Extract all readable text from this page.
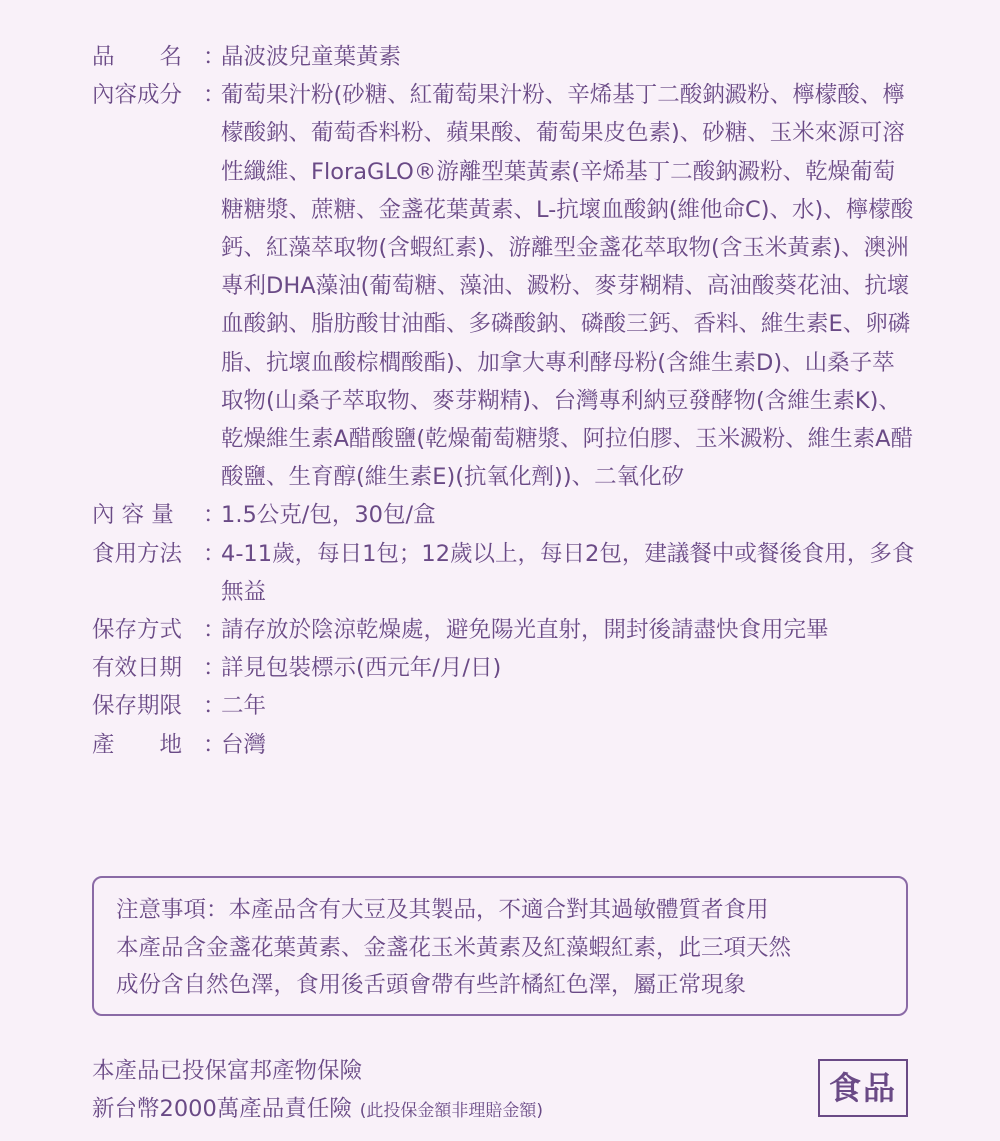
品　　名 ：
晶波波兒童葉黃素
內容成分 ：
葡萄果汁粉(砂糖、紅葡萄果汁粉、辛烯基丁二酸鈉澱粉、檸檬酸、檸檬酸鈉、葡萄香料粉、蘋果酸、葡萄果皮色素)、砂糖、玉米來源可溶性纖維、FloraGLO®游離型葉黃素(辛烯基丁二酸鈉澱粉、乾燥葡萄糖糖漿、蔗糖、金盞花葉黃素、L-抗壞血酸鈉(維他命C)、水)、檸檬酸鈣、紅藻萃取物(含蝦紅素)、游離型金盞花萃取物(含玉米黃素)、澳洲專利DHA藻油(葡萄糖、藻油、澱粉、麥芽糊精、高油酸葵花油、抗壞血酸鈉、脂肪酸甘油酯、多磷酸鈉、磷酸三鈣、香料、維生素E、卵磷脂、抗壞血酸棕櫚酸酯)、加拿大專利酵母粉(含維生素D)、山桑子萃取物(山桑子萃取物、麥芽糊精)、台灣專利納豆發酵物(含維生素K)、乾燥維生素A醋酸鹽(乾燥葡萄糖漿、阿拉伯膠、玉米澱粉、維生素A醋酸鹽、生育醇(維生素E)(抗氧化劑))、二氧化矽
內 容 量	：
1.5公克/包，30包/盒
食用方法 ：
4-11歲，每日1包；12歲以上，每日2包，建議餐中或餐後食用，多食無益
保存方式 ：
請存放於陰涼乾燥處，避免陽光直射，開封後請盡快食用完畢
有效日期 ：
詳見包裝標示(西元年/月/日)
保存期限 ：
二年
產　　地 ：
台灣
注意事項：本產品含有大豆及其製品，不適合對其過敏體質者食用
本產品含金盞花葉黃素、金盞花玉米黃素及紅藻蝦紅素，此三項天然
成份含自然色澤，食用後舌頭會帶有些許橘紅色澤，屬正常現象
本產品已投保富邦產物保險
新台幣2000萬產品責任險 (此投保金額非理賠金額)
食品
